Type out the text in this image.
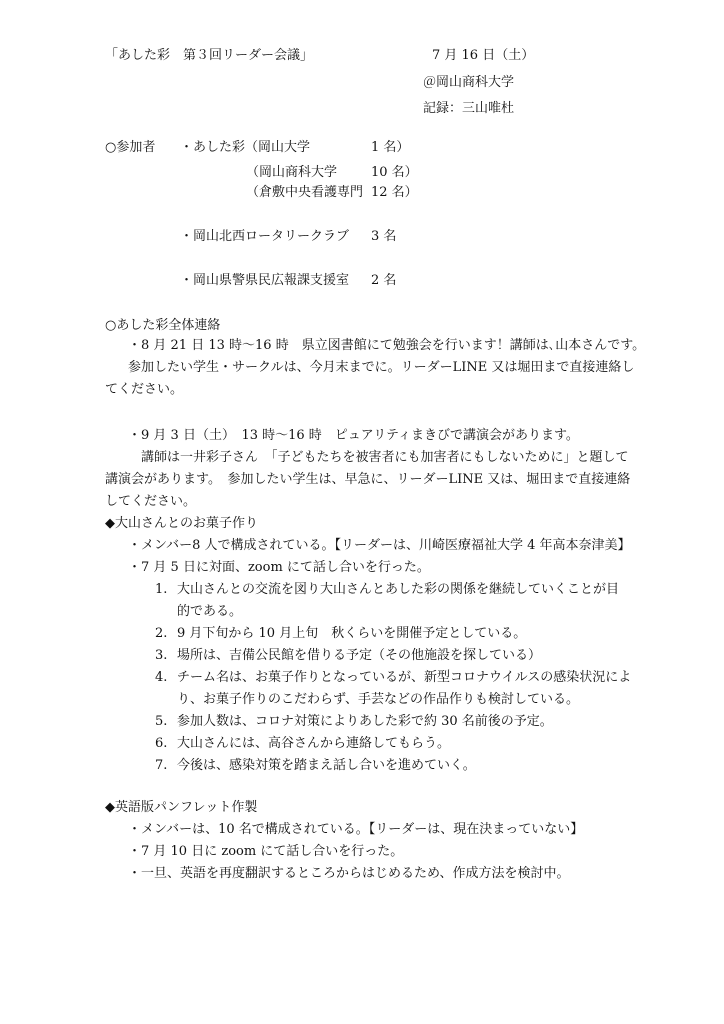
「あした彩　第３回リーダー会議」	7 月 16 日（土）
＠岡山商科大学
記録：三山唯杜
○参加者 ・あした彩（岡山大学	1 名）
（岡山商科大学	10 名）
（倉敷中央看護専門 12 名）
・岡山北西ロータリークラブ 3 名
・岡山県警県民広報課支援室 2 名
○あした彩全体連絡
・8 月 21 日 13 時〜16 時　県立図書館にて勉強会を行います！講師は､山本さんです。
参加したい学生・サークルは、今月末までに。リーダーLINE 又は堀田まで直接連絡し
てください。
・9 月 3 日（土）　13 時〜16 時　ピュアリティまきびで講演会があります。
講師は一井彩子さん　「子どもたちを被害者にも加害者にもしないために」と題して
講演会があります。　参加したい学生は、早急に、リーダーLINE 又は、堀田まで直接連絡
してください。
◆大山さんとのお菓子作り
・メンバー8 人で構成されている。【リーダーは、川崎医療福祉大学 4 年高本奈津美】
・7 月 5 日に対面、zoom にて話し合いを行った。
1. 大山さんとの交流を図り大山さんとあした彩の関係を継続していくことが目
的である。
2. 9 月下旬から 10 月上旬　秋くらいを開催予定としている。
3. 場所は、吉備公民館を借りる予定（その他施設を探している）
4. チーム名は、お菓子作りとなっているが、新型コロナウイルスの感染状況によ
り、お菓子作りのこだわらず、手芸などの作品作りも検討している。
5. 参加人数は、コロナ対策によりあした彩で約 30 名前後の予定。
6. 大山さんには、高谷さんから連絡してもらう。
7. 今後は、感染対策を踏まえ話し合いを進めていく。
◆英語版パンフレット作製
・メンバーは、10 名で構成されている。【リーダーは、現在決まっていない】
・7 月 10 日に zoom にて話し合いを行った。
・一旦、英語を再度翻訳するところからはじめるため、作成方法を検討中。
